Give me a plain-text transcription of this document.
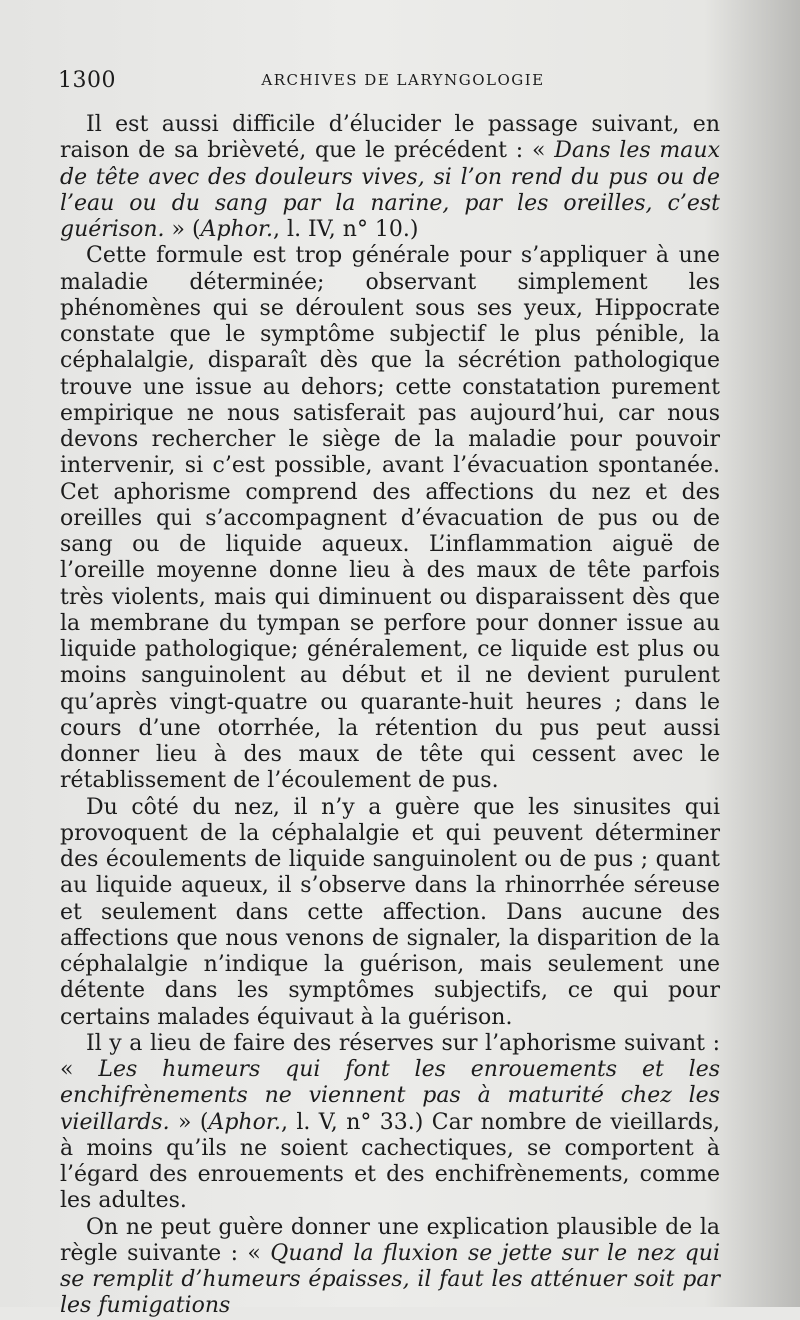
1300	ARCHIVES DE LARYNGOLOGIE

Il est aussi difficile d’élucider le passage suivant, en raison de sa brièveté, que le précédent : « Dans les maux de tête avec des douleurs vives, si l’on rend du pus ou de l’eau ou du sang par la narine, par les oreilles, c’est guérison. » (Aphor., l. IV, n° 10.)

Cette formule est trop générale pour s’appliquer à une maladie déterminée; observant simplement les phénomènes qui se déroulent sous ses yeux, Hippocrate constate que le symptôme subjectif le plus pénible, la céphalalgie, disparaît dès que la sécrétion pathologique trouve une issue au dehors; cette constatation purement empirique ne nous satisferait pas aujourd’hui, car nous devons rechercher le siège de la maladie pour pouvoir intervenir, si c’est possible, avant l’évacuation spontanée. Cet aphorisme comprend des affections du nez et des oreilles qui s’accompagnent d’évacuation de pus ou de sang ou de liquide aqueux. L’inflammation aiguë de l’oreille moyenne donne lieu à des maux de tête parfois très violents, mais qui diminuent ou disparaissent dès que la membrane du tympan se perfore pour donner issue au liquide pathologique; généralement, ce liquide est plus ou moins sanguinolent au début et il ne devient purulent qu’après vingt-quatre ou quarante-huit heures ; dans le cours d’une otorrhée, la rétention du pus peut aussi donner lieu à des maux de tête qui cessent avec le rétablissement de l’écoulement de pus.

Du côté du nez, il n’y a guère que les sinusites qui provoquent de la céphalalgie et qui peuvent déterminer des écoulements de liquide sanguinolent ou de pus ; quant au liquide aqueux, il s’observe dans la rhinorrhée séreuse et seulement dans cette affection. Dans aucune des affections que nous venons de signaler, la disparition de la céphalalgie n’indique la guérison, mais seulement une détente dans les symptômes subjectifs, ce qui pour certains malades équivaut à la guérison.

Il y a lieu de faire des réserves sur l’aphorisme suivant : « Les humeurs qui font les enrouements et les enchifrènements ne viennent pas à maturité chez les vieillards. » (Aphor., l. V, n° 33.) Car nombre de vieillards, à moins qu’ils ne soient cachectiques, se comportent à l’égard des enrouements et des enchifrènements, comme les adultes.

On ne peut guère donner une explication plausible de la règle suivante : « Quand la fluxion se jette sur le nez qui se remplit d’humeurs épaisses, il faut les atténuer soit par les fumigations
